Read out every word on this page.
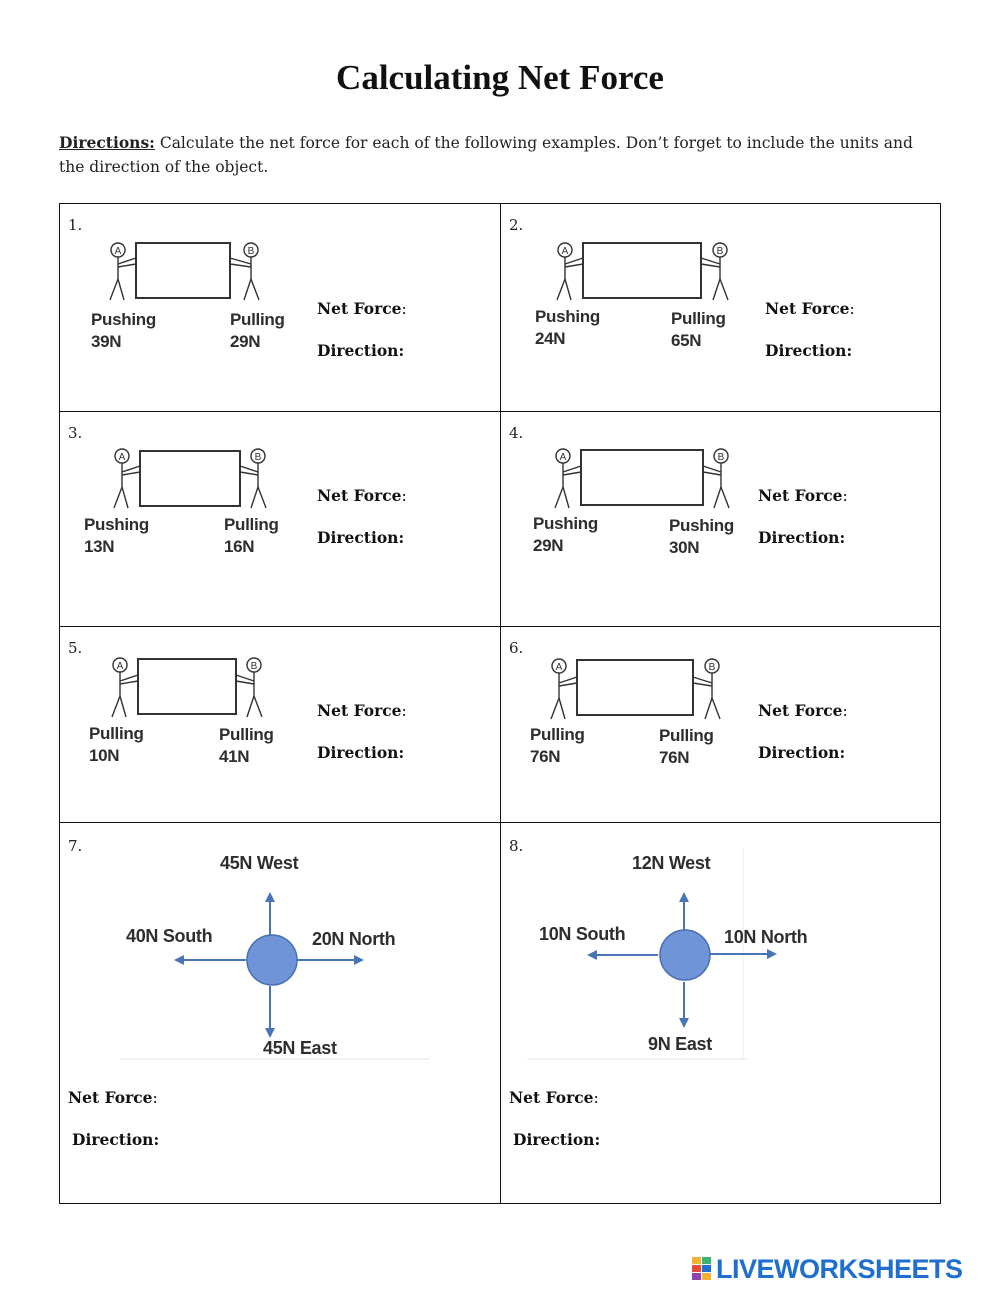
Calculating Net Force
Directions: Calculate the net force for each of the following examples. Don’t forget to include the units and the direction of the object.
1.
A	B
Pushing
39N
Pulling
29N
Net Force:
Direction:
2.
A	B
Pushing
24N
Pulling
65N
Net Force:
Direction:
3.
A	B
Pushing
13N
Pulling
16N
Net Force:
Direction:
4.
A	B
Pushing
29N
Pushing
30N
Net Force:
Direction:
5.
A	B
Pulling
10N
Pulling
41N
Net Force:
Direction:
6.
A	B
Pulling
76N
Pulling
76N
Net Force:
Direction:
7.
45N West
40N South	20N North
45N East
Net Force:
Direction:
8.
12N West
10N South	10N North
9N East
Net Force:
Direction:
LIVEWORKSHEETS
